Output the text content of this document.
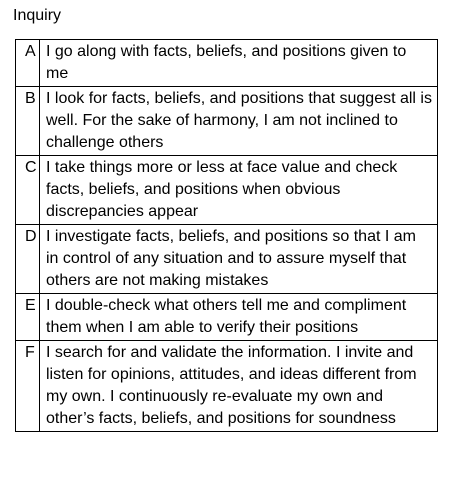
Inquiry
A	I go along with facts, beliefs, and positions given to me
B	I look for facts, beliefs, and positions that suggest all is well. For the sake of harmony, I am not inclined to challenge others
C	I take things more or less at face value and check facts, beliefs, and positions when obvious discrepancies appear
D	I investigate facts, beliefs, and positions so that I am in control of any situation and to assure myself that others are not making mistakes
E	I double-check what others tell me and compliment them when I am able to verify their positions
F	I search for and validate the information. I invite and listen for opinions, attitudes, and ideas different from my own. I continuously re-evaluate my own and other’s facts, beliefs, and positions for soundness
